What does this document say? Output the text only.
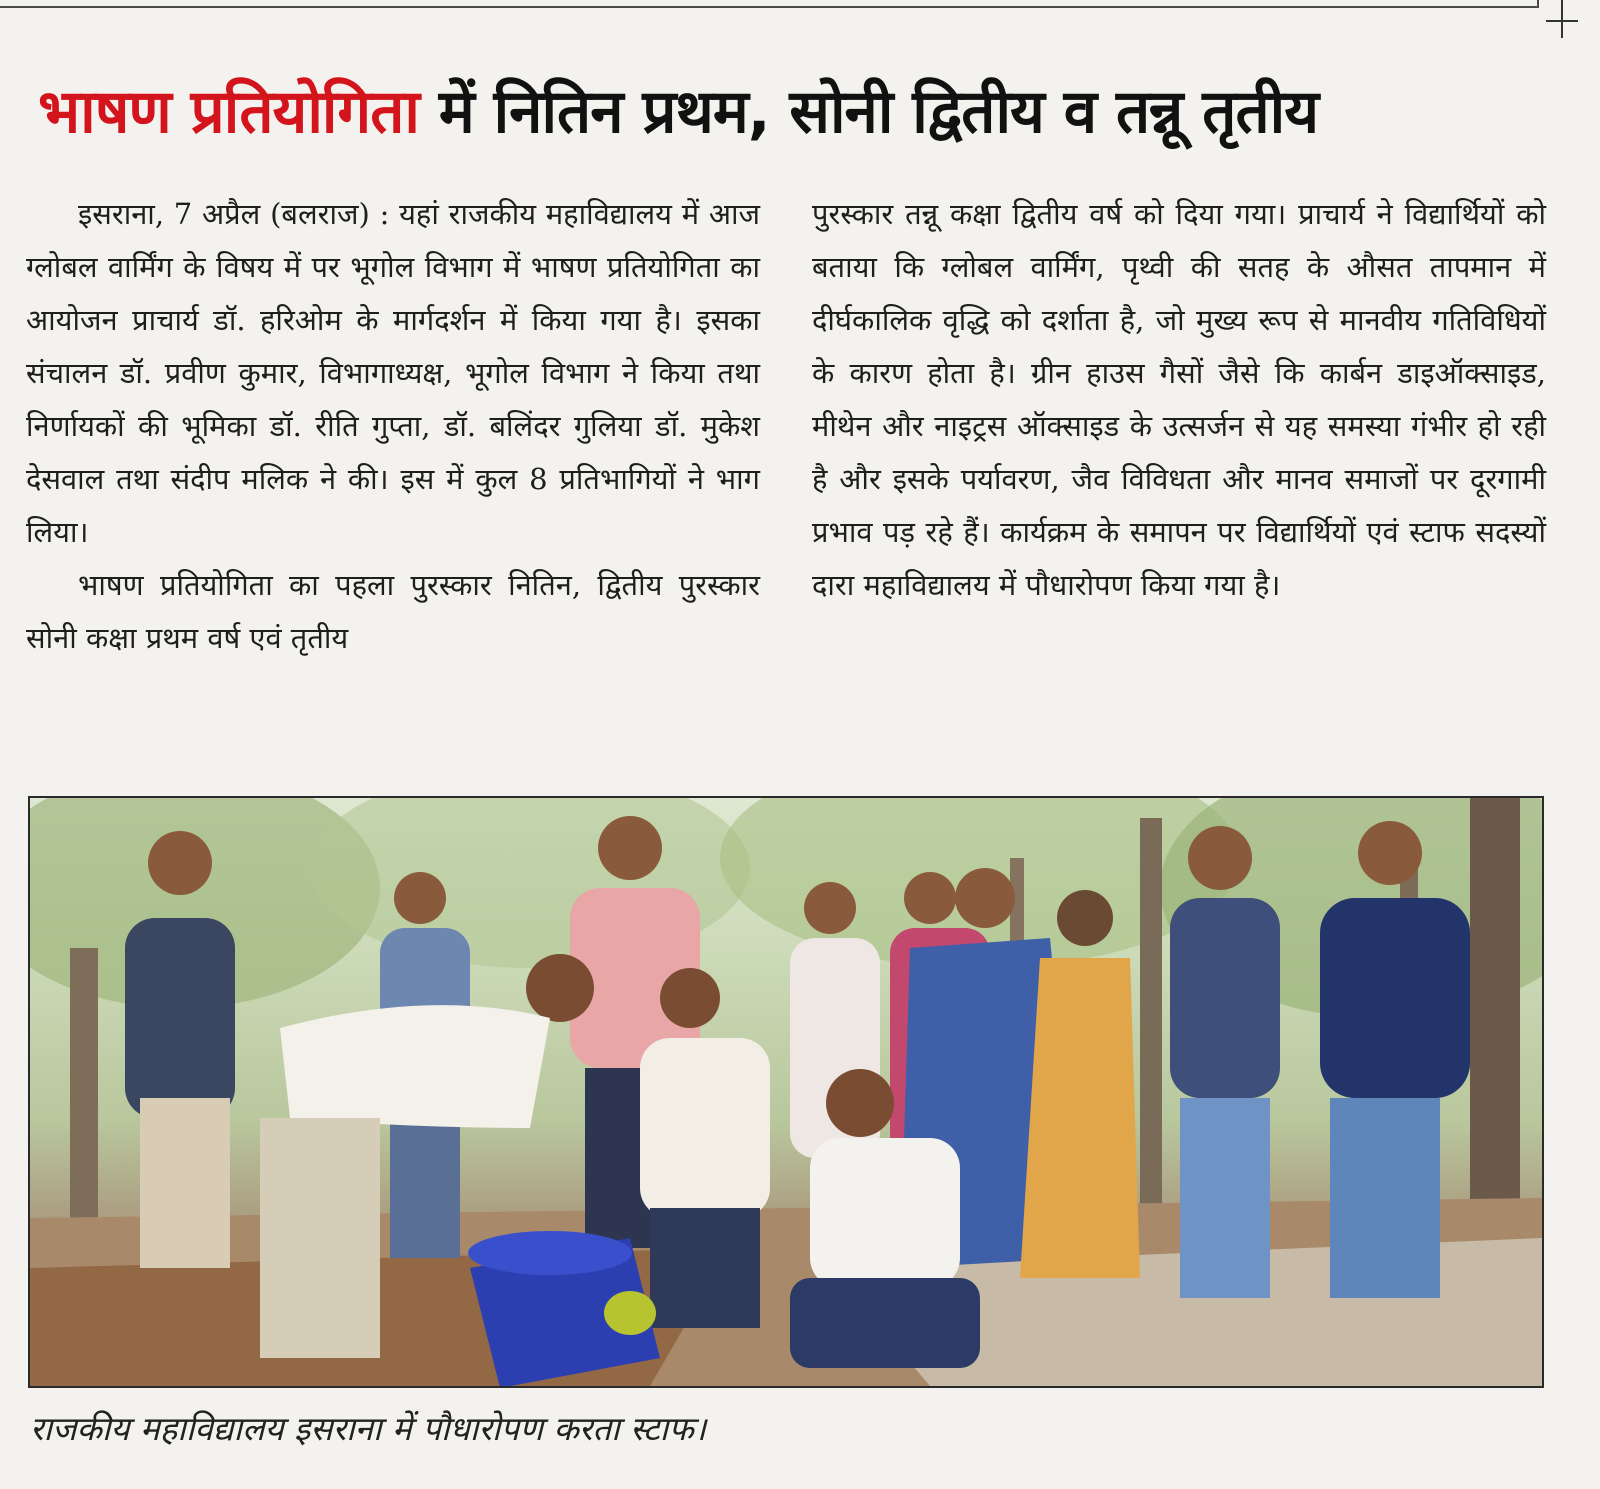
भाषण प्रतियोगिता में नितिन प्रथम, सोनी द्वितीय व तन्नू तृतीय

इसराना, 7 अप्रैल (बलराज) : यहां राजकीय महाविद्यालय में आज ग्लोबल वार्मिंग के विषय में पर भूगोल विभाग में भाषण प्रतियोगिता का आयोजन प्राचार्य डॉ. हरिओम के मार्गदर्शन में किया गया है। इसका संचालन डॉ. प्रवीण कुमार, विभागाध्यक्ष, भूगोल विभाग ने किया तथा निर्णायकों की भूमिका डॉ. रीति गुप्ता, डॉ. बलिंदर गुलिया डॉ. मुकेश देसवाल तथा संदीप मलिक ने की। इस में कुल 8 प्रतिभागियों ने भाग लिया।

भाषण प्रतियोगिता का पहला पुरस्कार नितिन, द्वितीय पुरस्कार सोनी कक्षा प्रथम वर्ष एवं तृतीय

पुरस्कार तन्नू कक्षा द्वितीय वर्ष को दिया गया। प्राचार्य ने विद्यार्थियों को बताया कि ग्लोबल वार्मिंग, पृथ्वी की सतह के औसत तापमान में दीर्घकालिक वृद्धि को दर्शाता है, जो मुख्य रूप से मानवीय गतिविधियों के कारण होता है। ग्रीन हाउस गैसों जैसे कि कार्बन डाइऑक्साइड, मीथेन और नाइट्रस ऑक्साइड के उत्सर्जन से यह समस्या गंभीर हो रही है और इसके पर्यावरण, जैव विविधता और मानव समाजों पर दूरगामी प्रभाव पड़ रहे हैं। कार्यक्रम के समापन पर विद्यार्थियों एवं स्टाफ सदस्यों दारा महाविद्यालय में पौधारोपण किया गया है।

राजकीय महाविद्यालय इसराना में पौधारोपण करता स्टाफ।
